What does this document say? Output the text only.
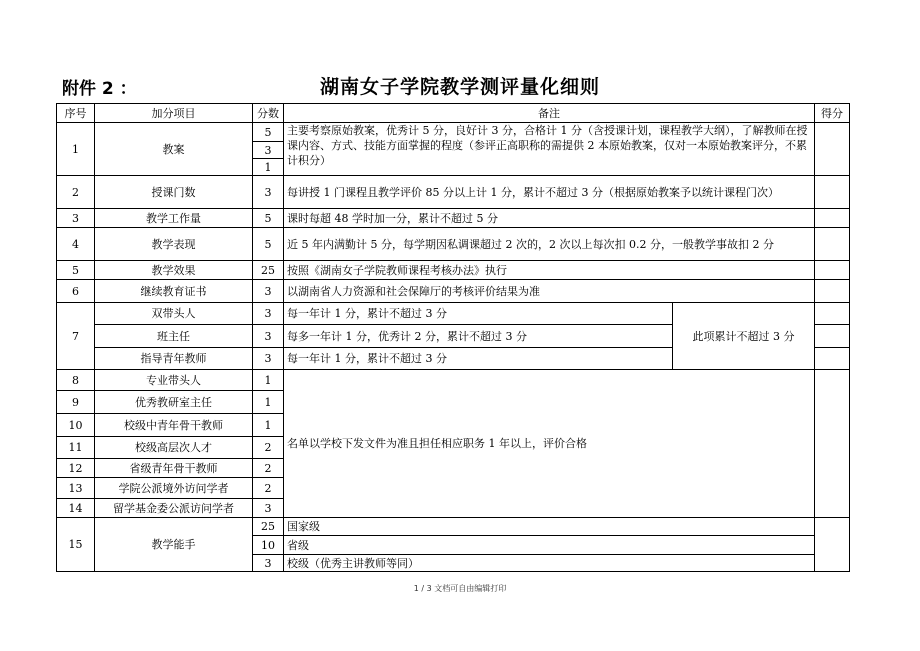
附件 2 ：	湖南女子学院教学测评量化细则
序号	加分项目	分数	备注		得分
1	教案	5	主要考察原始教案，优秀计 5 分，良好计 3 分，合格计 1 分（含授课计划，课程教学大纲），了解教师在授课内容、方式、技能方面掌握的程度（参评正高职称的需提供 2 本原始教案，仅对一本原始教案评分，不累计积分）		
		3			
		1			
2	授课门数	3	每讲授 1 门课程且教学评价 85 分以上计 1 分，累计不超过 3 分（根据原始教案予以统计课程门次）		
3	教学工作量	5	课时每超 48 学时加一分，累计不超过 5 分		
4	教学表现	5	近 5 年内满勤计 5 分，每学期因私调课超过 2 次的，2 次以上每次扣 0.2 分，一般教学事故扣 2 分		
5	教学效果	25	按照《湖南女子学院教师课程考核办法》执行		
6	继续教育证书	3	以湖南省人力资源和社会保障厅的考核评价结果为准		
7	双带头人	3	每一年计 1 分，累计不超过 3 分	此项累计不超过 3 分	
	班主任	3	每多一年计 1 分，优秀计 2 分，累计不超过 3 分		
	指导青年教师	3	每一年计 1 分，累计不超过 3 分		
8	专业带头人	1	名单以学校下发文件为准且担任相应职务 1 年以上，评价合格		
9	优秀教研室主任	1			
10	校级中青年骨干教师	1			
11	校级高层次人才	2			
12	省级青年骨干教师	2			
13	学院公派境外访问学者	2			
14	留学基金委公派访问学者	3			
15	教学能手	25	国家级		
		10	省级		
		3	校级（优秀主讲教师等同）		
1 / 3 文档可自由编辑打印
